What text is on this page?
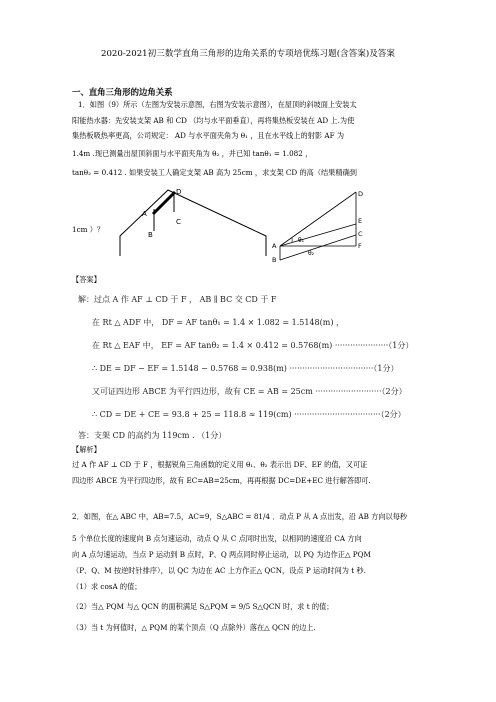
2020-2021初三数学直角三角形的边角关系的专项培优练习题(含答案)及答案
一、直角三角形的边角关系
1．如图（9）所示（左图为安装示意图，右图为安装示意图），在屋顶的斜坡面上安装太
阳能热水器：先安装支架 AB 和 CD （均与水平面垂直），再将集热板安装在 AD 上.为使
集热板吸热率更高，公司规定： AD 与水平面夹角为 θ₁ ，且在水平线上的射影 AF 为
1.4m .现已测量出屋顶斜面与水平面夹角为 θ₂ ，并已知 tanθ₁ = 1.082 ，
tanθ₂ = 0.412 . 如果安装工人确定支架 AB 高为 25cm ，求支架 CD 的高（结果精确到
1cm ）？
A
B
D
C
A
B
D
E
C
F
θ₁
θ₂
【答案】
解：过点 A 作 AF ⊥ CD 于 F ， AB ∥ BC 交 CD 于 F
在 Rt △ ADF 中， DF = AF tanθ₁ = 1.4 × 1.082 = 1.5148(m) ，
在 Rt △ EAF 中， EF = AF tanθ₂ = 1.4 × 0.412 = 0.5768(m) ·····················（1分）
∴ DE = DF − EF = 1.5148 − 0.5768 = 0.938(m) ·································（1分）
又可证四边形 ABCE 为平行四边形，故有 CE = AB = 25cm ··························（2分）
∴ CD = DE + CE = 93.8 + 25 = 118.8 ≈ 119(cm) ··································（2分）
答：支架 CD 的高约为 119cm . （1分）
【解析】
过 A 作 AF ⊥ CD 于 F ，根据锐角三角函数的定义用 θ₁、θ₂ 表示出 DF、EF 的值，又可证
四边形 ABCE 为平行四边形，故有 EC=AB=25cm，再再根据 DC=DE+EC 进行解答即可.
2．如图，在△ ABC 中，AB=7.5，AC=9，S△ABC = 81/4 ．动点 P 从 A 点出发，沿 AB 方向以每秒
5 个单位长度的速度向 B 点匀速运动，动点 Q 从 C 点同时出发，以相同的速度沿 CA 方向
向 A 点匀速运动，当点 P 运动到 B 点时，P、Q 两点同时停止运动，以 PQ 为边作正△ PQM
（P、Q、M 按逆时针排序），以 QC 为边在 AC 上方作正△ QCN，设点 P 运动时间为 t 秒.
（1）求 cosA 的值；
（2）当△ PQM 与△ QCN 的面积满足 S△PQM = 9/5 S△QCN 时，求 t 的值；
（3）当 t 为何值时，△ PQM 的某个顶点（Q 点除外）落在△ QCN 的边上.
